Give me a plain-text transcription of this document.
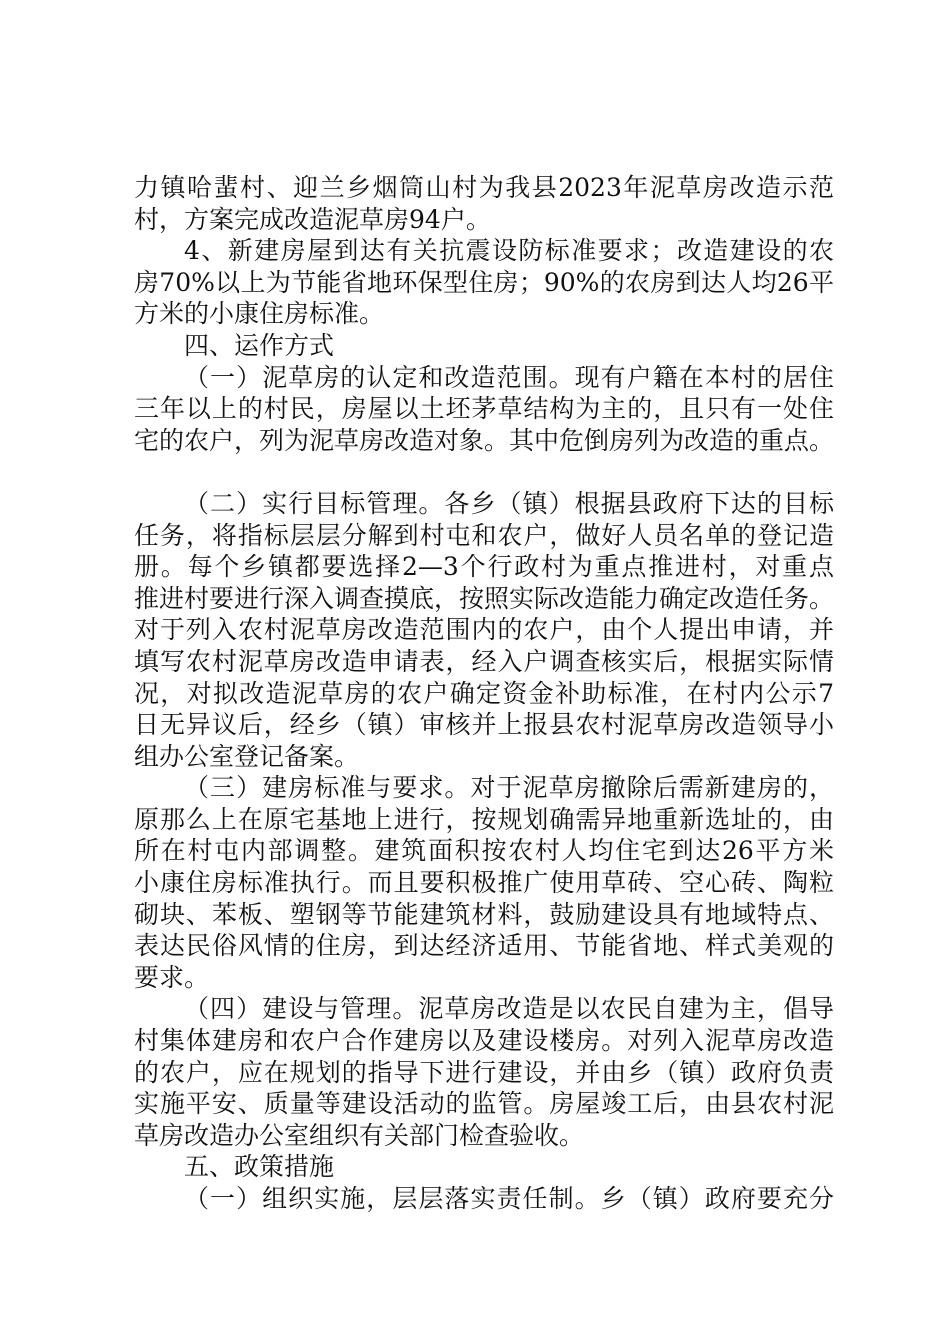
力镇哈蜚村、迎兰乡烟筒山村为我县2023年泥草房改造示范
村，方案完成改造泥草房94户。
4、新建房屋到达有关抗震设防标准要求；改造建设的农
房70%以上为节能省地环保型住房；90%的农房到达人均26平
方米的小康住房标准。
四、运作方式
（一）泥草房的认定和改造范围。现有户籍在本村的居住
三年以上的村民，房屋以土坯茅草结构为主的，且只有一处住
宅的农户，列为泥草房改造对象。其中危倒房列为改造的重点。
（二）实行目标管理。各乡（镇）根据县政府下达的目标
任务，将指标层层分解到村屯和农户，做好人员名单的登记造
册。每个乡镇都要选择2—3个行政村为重点推进村，对重点
推进村要进行深入调查摸底，按照实际改造能力确定改造任务。
对于列入农村泥草房改造范围内的农户，由个人提出申请，并
填写农村泥草房改造申请表，经入户调查核实后，根据实际情
况，对拟改造泥草房的农户确定资金补助标准，在村内公示7
日无异议后，经乡（镇）审核并上报县农村泥草房改造领导小
组办公室登记备案。
（三）建房标准与要求。对于泥草房撤除后需新建房的，
原那么上在原宅基地上进行，按规划确需异地重新选址的，由
所在村屯内部调整。建筑面积按农村人均住宅到达26平方米
小康住房标准执行。而且要积极推广使用草砖、空心砖、陶粒
砌块、苯板、塑钢等节能建筑材料，鼓励建设具有地域特点、
表达民俗风情的住房，到达经济适用、节能省地、样式美观的
要求。
（四）建设与管理。泥草房改造是以农民自建为主，倡导
村集体建房和农户合作建房以及建设楼房。对列入泥草房改造
的农户，应在规划的指导下进行建设，并由乡（镇）政府负责
实施平安、质量等建设活动的监管。房屋竣工后，由县农村泥
草房改造办公室组织有关部门检查验收。
五、政策措施
（一）组织实施，层层落实责任制。乡（镇）政府要充分
